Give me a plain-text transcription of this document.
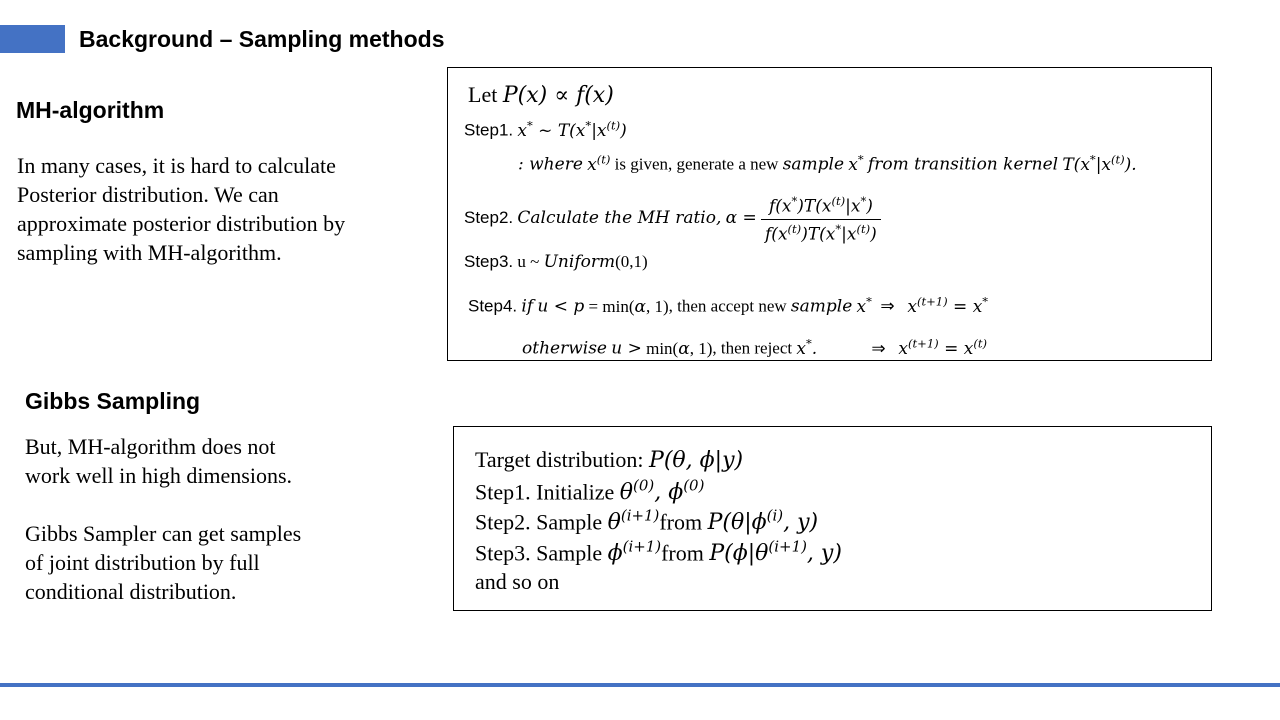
Background – Sampling methods
MH-algorithm
In many cases, it is hard to calculate
Posterior distribution. We can
approximate posterior distribution by
sampling with MH-algorithm.
Let P(x) ∝ f(x)
Step1. x* ~ $T(x^*|x^{(t)})$
: where $x^{(t)}$ is given, generate a new sample x* from transition kernel $T(x^*|x^{(t)})$.
Step2. Calculate the MH ratio, $\alpha = \frac{f(x^*)T(x^{(t)}|x^*)}{f(x^{(t)})T(x^*|x^{(t)})}$
Step3. u ~ Uniform(0,1)
Step4. if u < p = min(α, 1), then accept new sample x*  ⇒   $x^{(t+1)} = x^*$
otherwise u > min(α, 1), then reject x*.	⇒   $x^{(t+1)} = x^{(t)}$
Gibbs Sampling
But, MH-algorithm does not
work well in high dimensions.
Gibbs Sampler can get samples
of joint distribution by full
conditional distribution.
Target distribution: P(θ, ϕ|y)
Step1. Initialize $\theta^{(0)}$, $\phi^{(0)}$
Step2. Sample $\theta^{(i+1)}from$ $P(\theta|\phi^{(i)}$, y)
Step3. Sample $\phi^{(i+1)}from$ $P(\phi|\theta^{(i+1)}$, y)
and so on
